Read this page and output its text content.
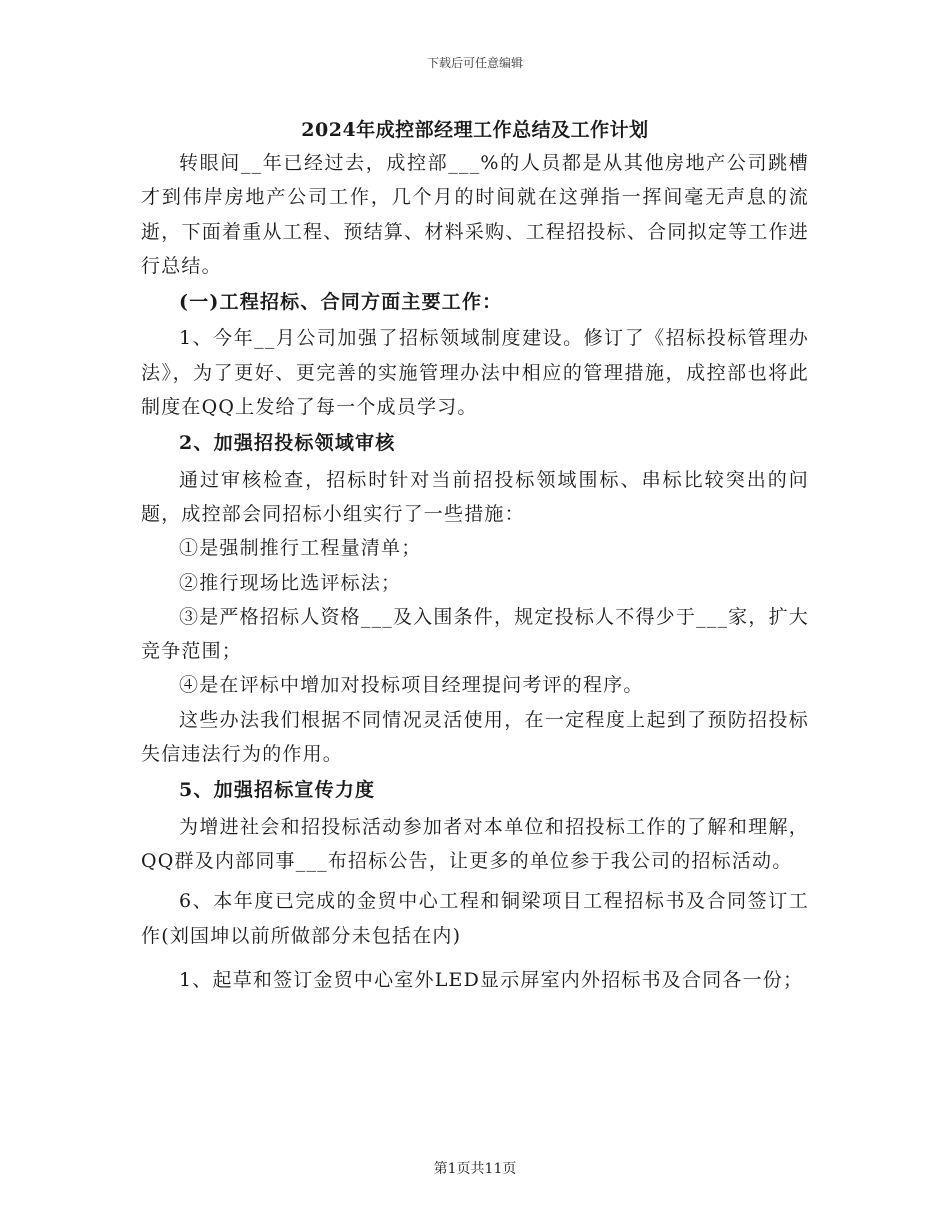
下载后可任意编辑
2024年成控部经理工作总结及工作计划

转眼间__年已经过去，成控部___%的人员都是从其他房地产公司跳槽才到伟岸房地产公司工作，几个月的时间就在这弹指一挥间毫无声息的流逝，下面着重从工程、预结算、材料采购、工程招投标、合同拟定等工作进行总结。

(一)工程招标、合同方面主要工作：

1、今年__月公司加强了招标领域制度建设。修订了《招标投标管理办法》，为了更好、更完善的实施管理办法中相应的管理措施，成控部也将此制度在QQ上发给了每一个成员学习。

2、加强招投标领域审核

通过审核检查，招标时针对当前招投标领域围标、串标比较突出的问题，成控部会同招标小组实行了一些措施：

①是强制推行工程量清单；

②推行现场比选评标法；

③是严格招标人资格___及入围条件，规定投标人不得少于___家，扩大竞争范围；

④是在评标中增加对投标项目经理提问考评的程序。

这些办法我们根据不同情况灵活使用，在一定程度上起到了预防招投标失信违法行为的作用。

5、加强招标宣传力度

为增进社会和招投标活动参加者对本单位和招投标工作的了解和理解，QQ群及内部同事___布招标公告，让更多的单位参于我公司的招标活动。

6、本年度已完成的金贸中心工程和铜梁项目工程招标书及合同签订工作(刘国坤以前所做部分未包括在内)

1、起草和签订金贸中心室外LED显示屏室内外招标书及合同各一份；

第1页共11页
